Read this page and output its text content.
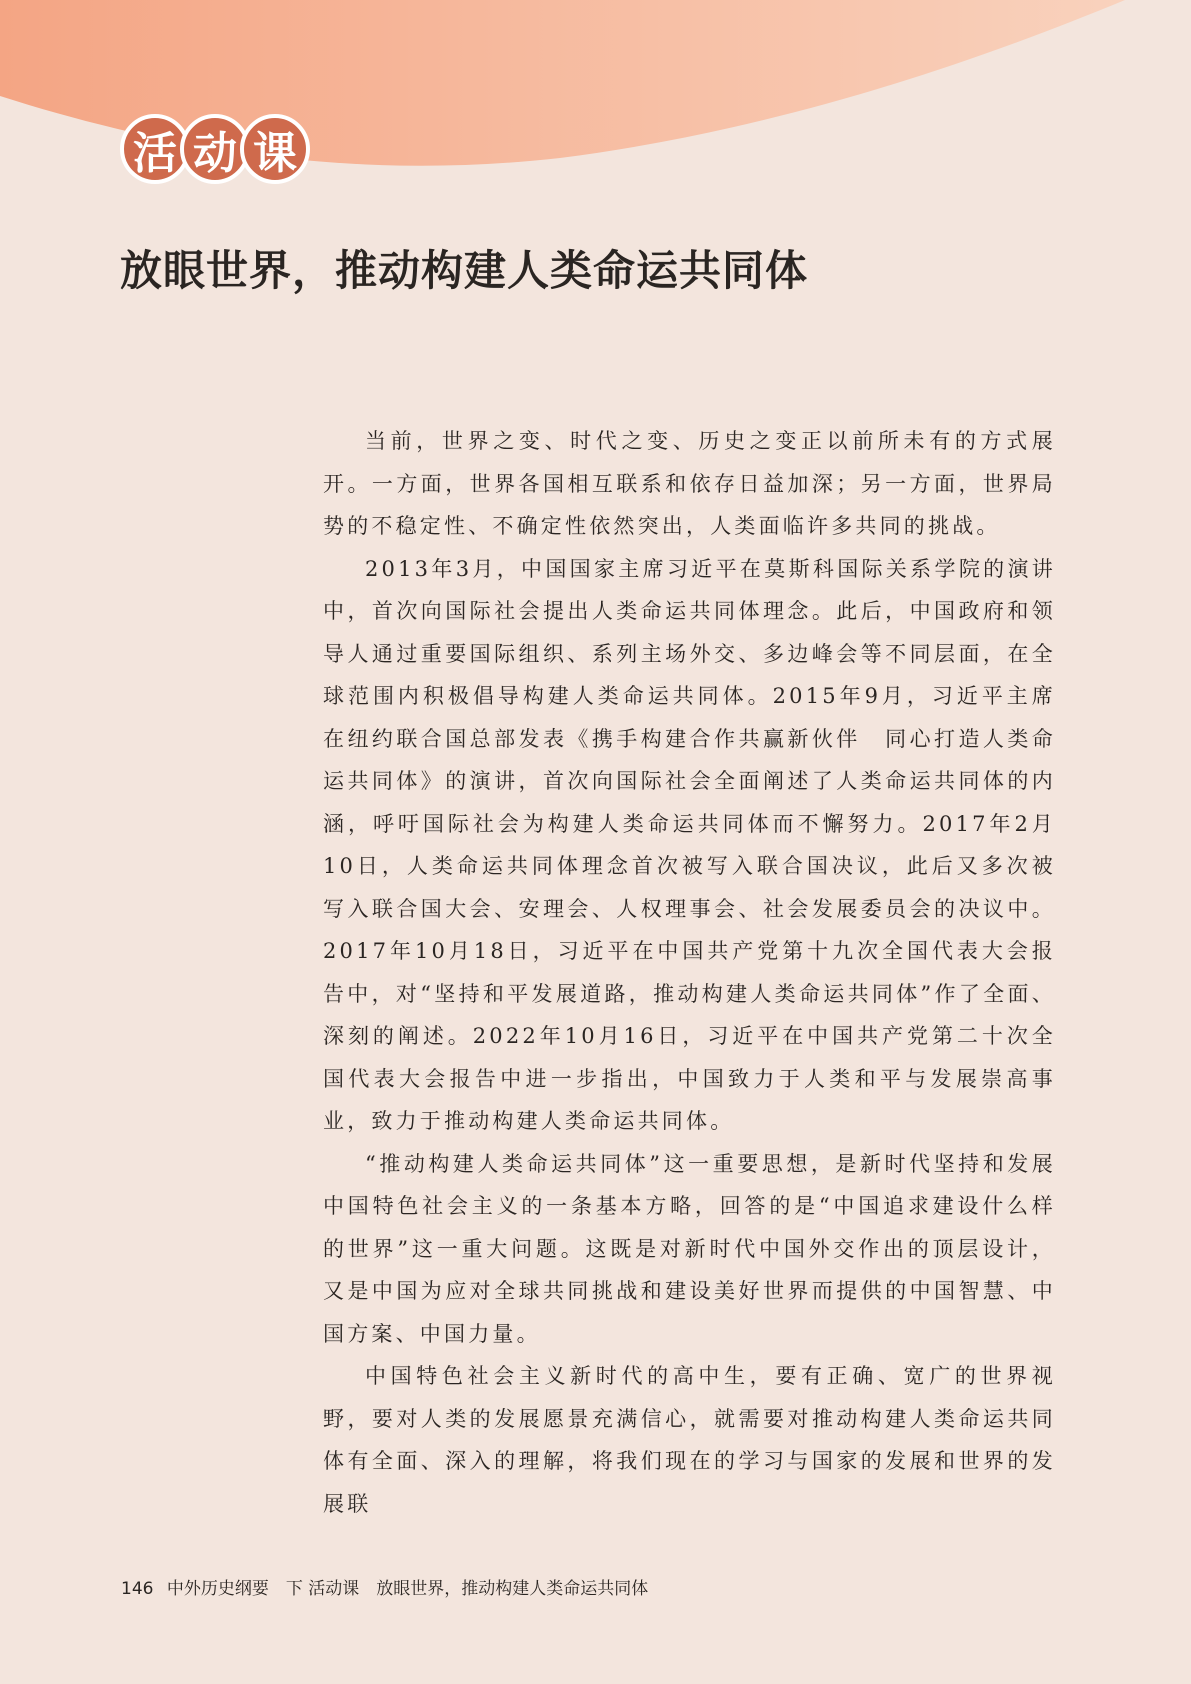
活 动 课
放眼世界，推动构建人类命运共同体

当前，世界之变、时代之变、历史之变正以前所未有的方式展开。一方面，世界各国相互联系和依存日益加深；另一方面，世界局势的不稳定性、不确定性依然突出，人类面临许多共同的挑战。

2013年3月，中国国家主席习近平在莫斯科国际关系学院的演讲中，首次向国际社会提出人类命运共同体理念。此后，中国政府和领导人通过重要国际组织、系列主场外交、多边峰会等不同层面，在全球范围内积极倡导构建人类命运共同体。2015年9月，习近平主席在纽约联合国总部发表《携手构建合作共赢新伙伴　同心打造人类命运共同体》的演讲，首次向国际社会全面阐述了人类命运共同体的内涵，呼吁国际社会为构建人类命运共同体而不懈努力。2017年2月10日，人类命运共同体理念首次被写入联合国决议，此后又多次被写入联合国大会、安理会、人权理事会、社会发展委员会的决议中。2017年10月18日，习近平在中国共产党第十九次全国代表大会报告中，对“坚持和平发展道路，推动构建人类命运共同体”作了全面、深刻的阐述。2022年10月16日，习近平在中国共产党第二十次全国代表大会报告中进一步指出，中国致力于人类和平与发展崇高事业，致力于推动构建人类命运共同体。

“推动构建人类命运共同体”这一重要思想，是新时代坚持和发展中国特色社会主义的一条基本方略，回答的是“中国追求建设什么样的世界”这一重大问题。这既是对新时代中国外交作出的顶层设计，又是中国为应对全球共同挑战和建设美好世界而提供的中国智慧、中国方案、中国力量。

中国特色社会主义新时代的高中生，要有正确、宽广的世界视野，要对人类的发展愿景充满信心，就需要对推动构建人类命运共同体有全面、深入的理解，将我们现在的学习与国家的发展和世界的发展联

146 中外历史纲要　下 活动课　放眼世界，推动构建人类命运共同体
